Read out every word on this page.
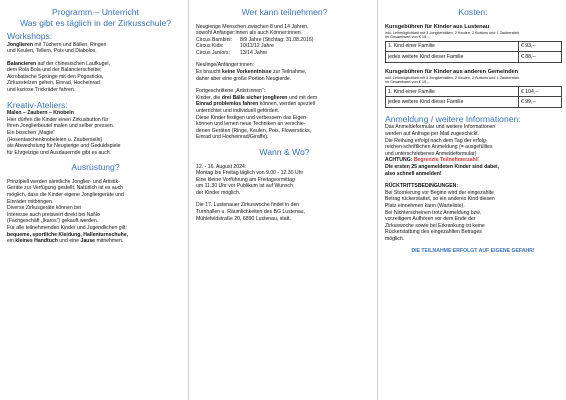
Programm – Unterricht

Was gibt es täglich in der Zirkusschule?

Workshops:

Jonglieren mit Tüchern und Bällen, Ringen

und Keulen, Tellern, Pois und Diabolos.

Balancieren auf der chinesischen Laufkugel,

dem Rola Bola und der Balancierscheibe;

Akrobatische Sprünge mit den Pogosticks,

Zirkusstelzen gehen, Einrad, Hocheinrad

und kuriose Trickräder fahren.

Kreativ-Ateliers:

Malen – Zaubern – Knobeln

Hier dürfen die Kinder einen Zirkusbutton für

Ihren Jonglierbeutel malen und selber pressen.

Ein bisschen „Magie“

(Hosentaschenknobeleien u. Zauberseile)

als Abwechslung für Neugierige und Geduldspiele

für Ehrgeizige und Ausdauernde gibt es auch.

Ausrüstung?

Prinzipiell werden sämtliche Jonglier- und Artistik-

Geräte zur Verfügung gestellt. Natürlich ist es auch

möglich, dass die Kinder eigene Jongliergeräte und

Einräder mitbringen.

Diverse Zirkusgeräte können bei

Interesse auch preiswert direkt bei NaNo

(Fachgeschäft „Ikaros“) gekauft werden.

Für alle teilnehmenden Kinder und Jugendlichen gilt:

bequeme, sportliche Kleidung, Hallenturnschuhe,

ein kleines Handtuch und eine Jause mitnehmen.

Wer kann teilnehmen?

Neugierige Menschen zwischen 8 und 14 Jahren,

sowohl Anfänger:innen als auch Könner:innen.

Circus Bambini:	8/9 Jahre (Stichtag: 31.08.2016)
Circus Kids:	10/11/12 Jahre
Circus Juniors:	13/14 Jahre

Neulinge/Anfänger:innen:

Es braucht keine Vorkenntnisse zur Teilnahme,

daher aber eine große Portion Neugierde.

Fortgeschrittene „Artist:innen“:

Kinder, die drei Bälle sicher jonglieren und mit dem

Einrad problemlos fahren können, werden speziell

unterrichtet und individuell gefördert.

Diese Kinder festigen und verbessern das Eigen-

können und lernen neue Techniken an verschie-

denen Geräten (Ringe, Keulen, Pois, Flowersticks,

Einrad und Hocheinrad/Giraffe).

Wann & Wo?

12. - 16. August 2024:

Montag bis Freitag täglich von 9.00 - 12.30 Uhr

Eine kleine Vorführung am Freitagvormittag

um 11.30 Uhr vor Publikum ist auf Wunsch

der Kinder möglich.

Die 17. Lustenauer Zirkuswoche findet in den

Turnhallen u. Räumlichkeiten des BG Lustenau,

Mühlefeldstraße 20, 6890 Lustenau, statt.

Kosten:

Kursgebühren für Kinder aus Lustenau

inkl. Leihmöglichkeit mit 3 Jonglierbällen, 2 Keulen, 2 Buttons und 1 Zauberstick

im Gesamtwert von € 15,--

1. Kind einer Familie	€ 93,--
jedes weitere Kind dieser Familie	€ 88,--

Kursgebühren für Kinder aus anderen Gemeinden

inkl. Leihmöglichkeit mit 3 Jonglierbällen, 2 Keulen, 2 Buttons und 1 Zauberstick

im Gesamtwert von € 15,--

1. Kind einer Familie	€ 104,--
jedes weitere Kind dieser Familie	€ 99,--

Anmeldung / weitere Informationen:

Das Anmeldeformular und weitere Informationen

werden auf Anfrage per Mail zugeschickt.

Die Reihung erfolgt nach dem Tag der erfolg-

reichen schriftlichen Anmeldung (= ausgefülltes

und unterschriebenes Anmeldeformular)

ACHTUNG: Begrenzte Teilnehmerzahl!

Die ersten 25 angemeldeten Kinder sind dabei,

also schnell anmelden!

RÜCKTRITTSBEDINGUNGEN:

Bei Stornierung vor Beginn wird der eingezahlte

Betrag rückerstattet, so ein anderes Kind diesen

Platz einnehmen kann (Warteliste).

Bei Nichterscheinen trotz Anmeldung bzw.

vorzeitigem Aufhören vor dem Ende der

Zirkuswoche sowie bei Erkrankung ist keine

Rückerstattung des eingezahlten Betrages

möglich.

DIE TEILNAHME ERFOLGT AUF EIGENE GEFAHR!
